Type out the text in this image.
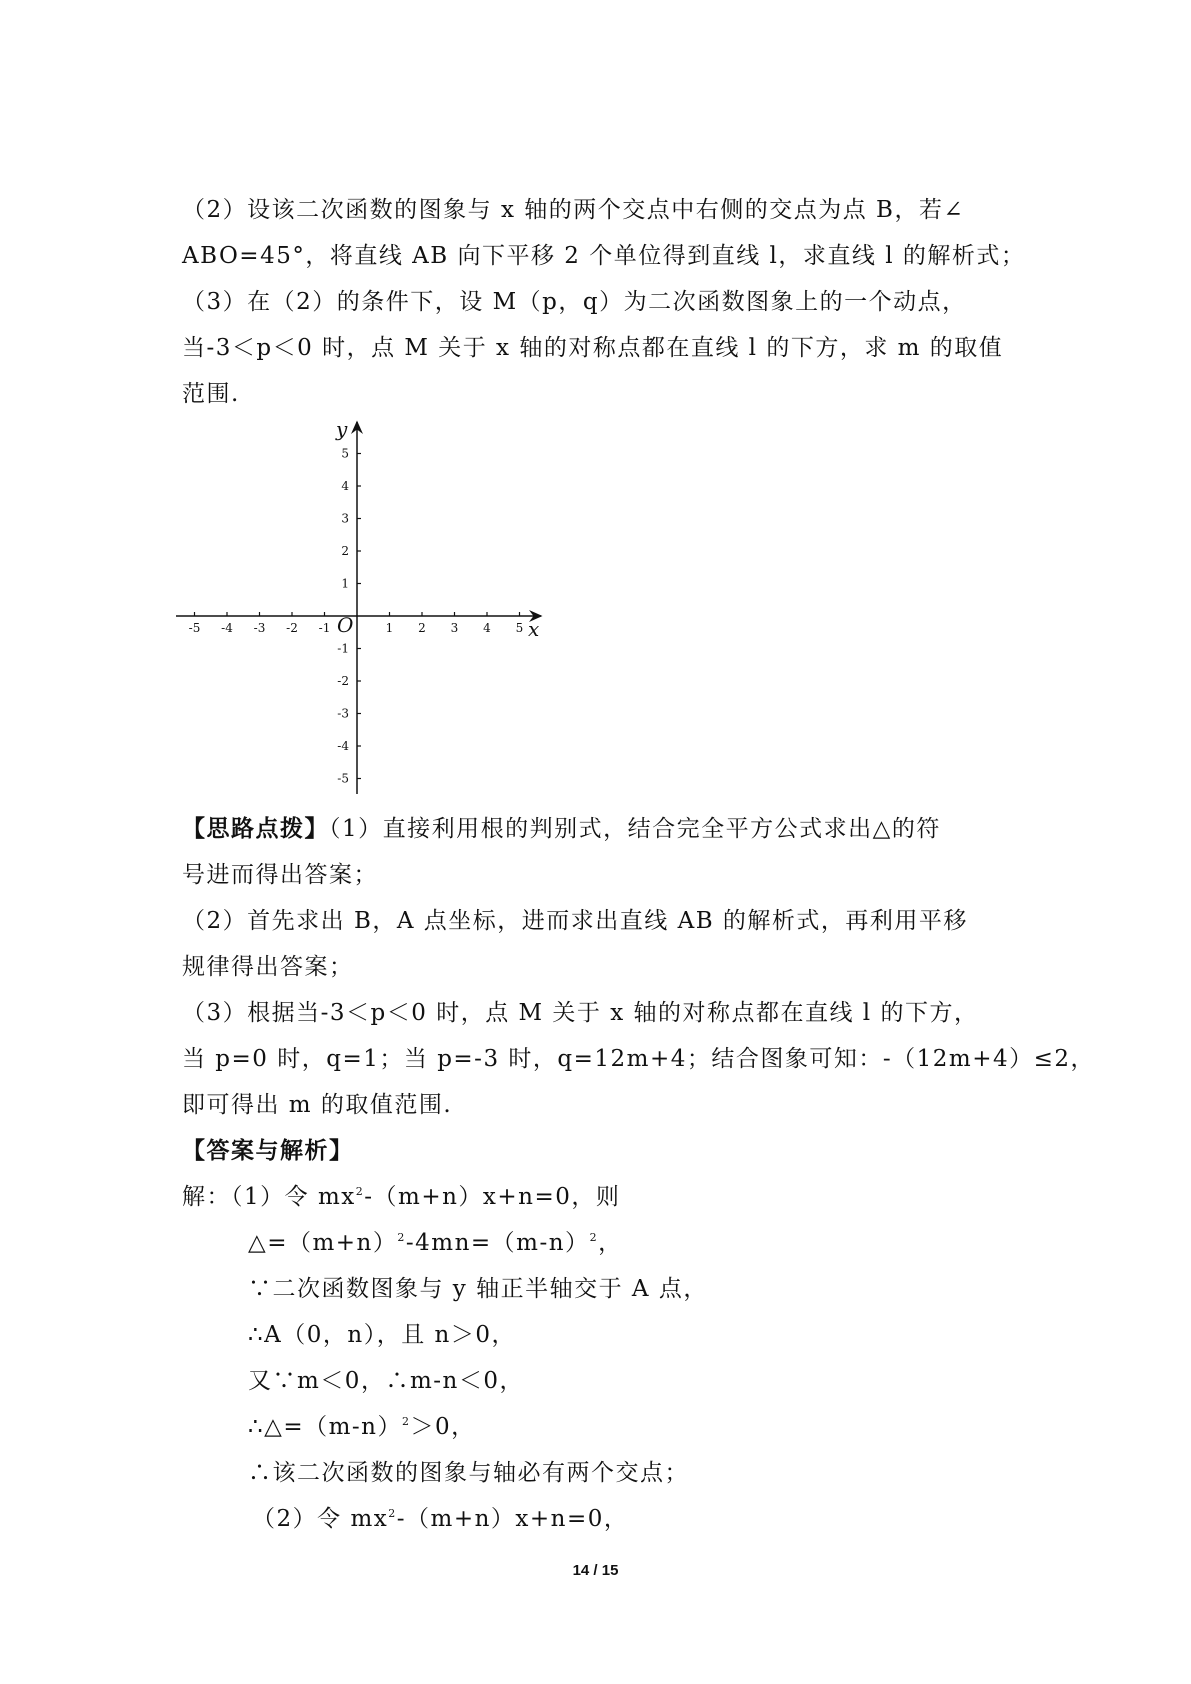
（2）设该二次函数的图象与 x 轴的两个交点中右侧的交点为点 B，若∠
ABO=45°，将直线 AB 向下平移 2 个单位得到直线 l，求直线 l 的解析式；
（3）在（2）的条件下，设 M（p，q）为二次函数图象上的一个动点，
当-3＜p＜0 时，点 M 关于 x 轴的对称点都在直线 l 的下方，求 m 的取值
范围.
-5 -4 -3 -2 -1	1 2 3 4 5
5
4
3
2
1
-1
-2
-3
-4
-5
x
y
O
【思路点拨】（1）直接利用根的判别式，结合完全平方公式求出△的符
号进而得出答案；
（2）首先求出 B，A 点坐标，进而求出直线 AB 的解析式，再利用平移
规律得出答案；
（3）根据当-3＜p＜0 时，点 M 关于 x 轴的对称点都在直线 l 的下方，
当 p=0 时，q=1；当 p=-3 时，q=12m+4；结合图象可知：-（12m+4）≤2，
即可得出 m 的取值范围.
【答案与解析】
解：（1）令 $mx^2-(m+n)x+n=0$，则
$\triangle=(m+n)^2-4mn=(m-n)^2$，
∵二次函数图象与 y 轴正半轴交于 A 点，
∴A（0，n），且 n＞0，
又∵m＜0，∴m-n＜0，
$\therefore\triangle=(m-n)^2>0$，
∴该二次函数的图象与轴必有两个交点；
（2）令 $mx^2-(m+n)x+n=0$，
14 / 15
